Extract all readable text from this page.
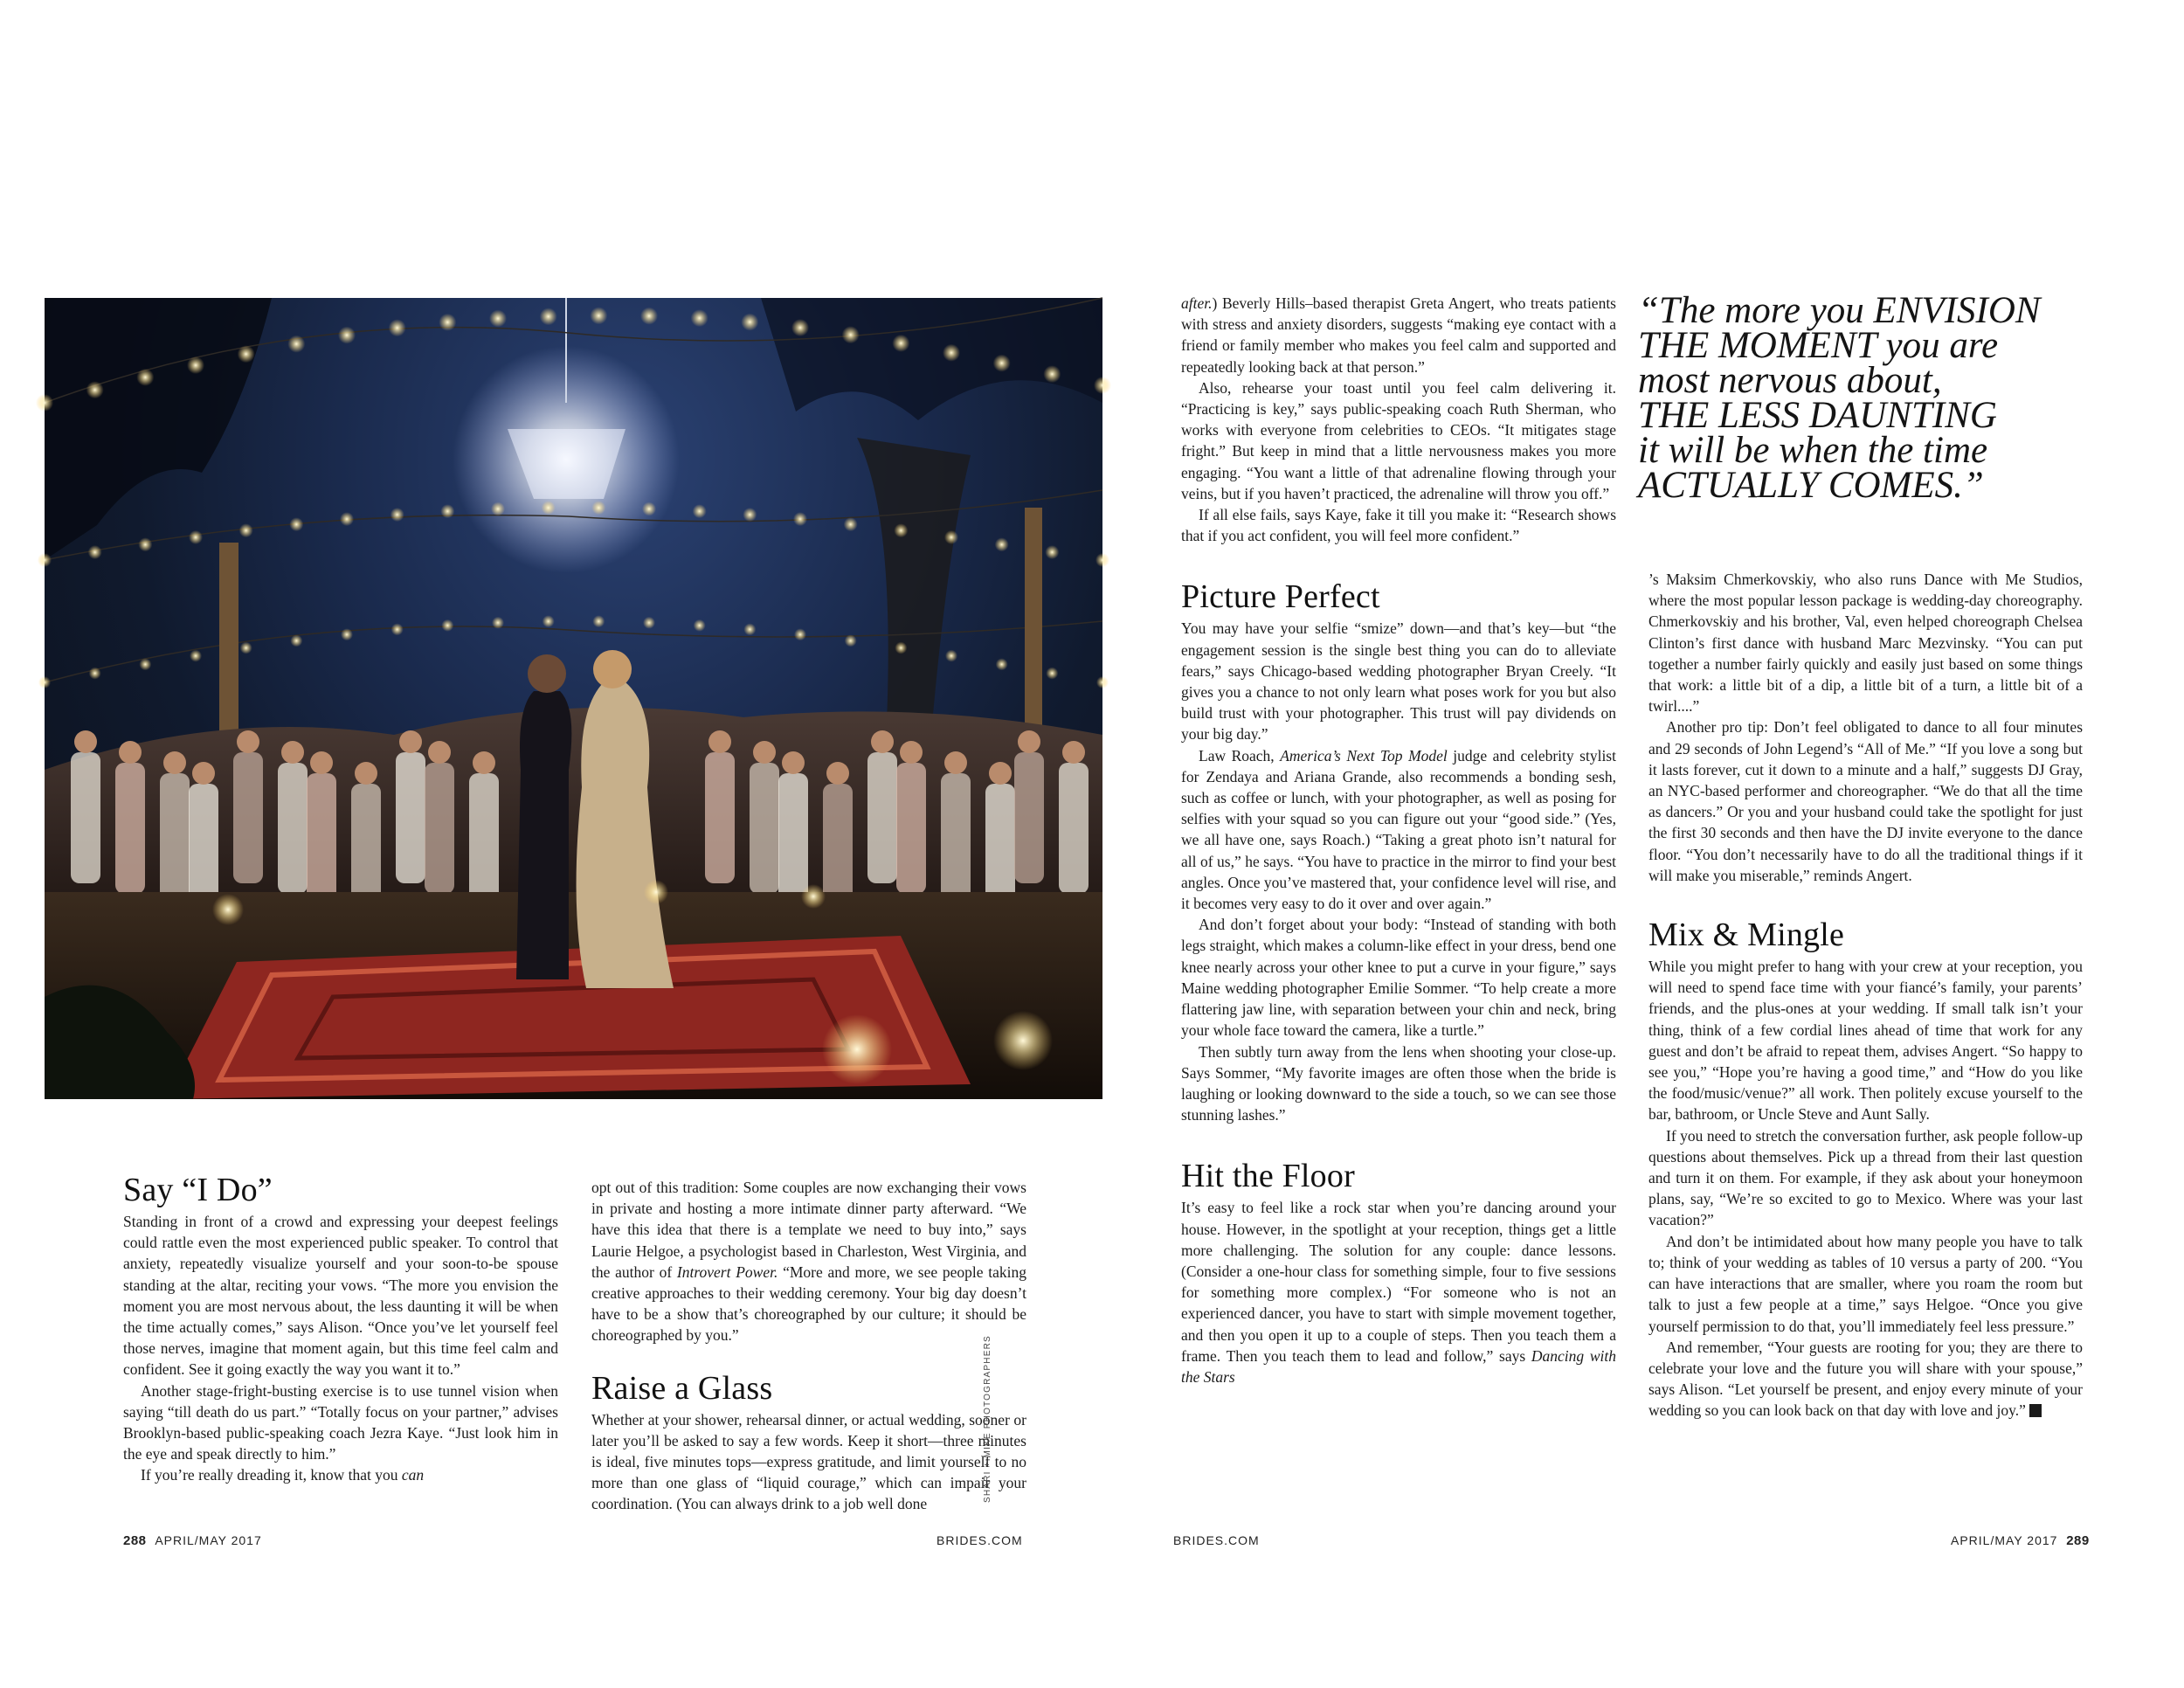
“The more you ENVISION
THE MOMENT you are
most nervous about,
THE LESS DAUNTING
it will be when the time
ACTUALLY COMES.”
Say “I Do”

Standing in front of a crowd and expressing your deepest feelings could rattle even the most experienced public speaker. To control that anxiety, repeatedly visualize yourself and your soon-to-be spouse standing at the altar, reciting your vows. “The more you envision the moment you are most nervous about, the less daunting it will be when the time actually comes,” says Alison. “Once you’ve let yourself feel those nerves, imagine that moment again, but this time feel calm and confident. See it going exactly the way you want it to.”

Another stage-fright-busting exercise is to use tunnel vision when saying “till death do us part.” “Totally focus on your partner,” advises Brooklyn-based public-speaking coach Jezra Kaye. “Just look him in the eye and speak directly to him.”

If you’re really dreading it, know that you can

opt out of this tradition: Some couples are now exchanging their vows in private and hosting a more intimate dinner party afterward. “We have this idea that there is a template we need to buy into,” says Laurie Helgoe, a psychologist based in Charleston, West Virginia, and the author of Introvert Power. “More and more, we see people taking creative approaches to their wedding ceremony. Your big day doesn’t have to be a show that’s choreographed by our culture; it should be choreographed by you.”

Raise a Glass

Whether at your shower, rehearsal dinner, or actual wedding, sooner or later you’ll be asked to say a few words. Keep it short—three minutes is ideal, five minutes tops—express gratitude, and limit yourself to no more than one glass of “liquid courage,” which can impair your coordination. (You can always drink to a job well done

after.) Beverly Hills–based therapist Greta Angert, who treats patients with stress and anxiety disorders, suggests “making eye contact with a friend or family member who makes you feel calm and supported and repeatedly looking back at that person.”

Also, rehearse your toast until you feel calm delivering it. “Practicing is key,” says public-speaking coach Ruth Sherman, who works with everyone from celebrities to CEOs. “It mitigates stage fright.” But keep in mind that a little nervousness makes you more engaging. “You want a little of that adrenaline flowing through your veins, but if you haven’t practiced, the adrenaline will throw you off.”

If all else fails, says Kaye, fake it till you make it: “Research shows that if you act confident, you will feel more confident.”

Picture Perfect

You may have your selfie “smize” down—and that’s key—but “the engagement session is the single best thing you can do to alleviate fears,” says Chicago-based wedding photographer Bryan Creely. “It gives you a chance to not only learn what poses work for you but also build trust with your photographer. This trust will pay dividends on your big day.”

Law Roach, America’s Next Top Model judge and celebrity stylist for Zendaya and Ariana Grande, also recommends a bonding sesh, such as coffee or lunch, with your photographer, as well as posing for selfies with your squad so you can figure out your “good side.” (Yes, we all have one, says Roach.) “Taking a great photo isn’t natural for all of us,” he says. “You have to practice in the mirror to find your best angles. Once you’ve mastered that, your confidence level will rise, and it becomes very easy to do it over and over again.”

And don’t forget about your body: “Instead of standing with both legs straight, which makes a column-like effect in your dress, bend one knee nearly across your other knee to put a curve in your figure,” says Maine wedding photographer Emilie Sommer. “To help create a more flattering jaw line, with separation between your chin and neck, bring your whole face toward the camera, like a turtle.”

Then subtly turn away from the lens when shooting your close-up. Says Sommer, “My favorite images are often those when the bride is laughing or looking downward to the side a touch, so we can see those stunning lashes.”

Hit the Floor

It’s easy to feel like a rock star when you’re dancing around your house. However, in the spotlight at your reception, things get a little more challenging. The solution for any couple: dance lessons. (Consider a one-hour class for something simple, four to five sessions for something more complex.) “For someone who is not an experienced dancer, you have to start with simple movement together, and then you open it up to a couple of steps. Then you teach them a frame. Then you teach them to lead and follow,” says Dancing with the Stars

’s Maksim Chmerkovskiy, who also runs Dance with Me Studios, where the most popular lesson package is wedding-day choreography. Chmerkovskiy and his brother, Val, even helped choreograph Chelsea Clinton’s first dance with husband Marc Mezvinsky. “You can put together a number fairly quickly and easily just based on some things that work: a little bit of a dip, a little bit of a turn, a little bit of a twirl....”

Another pro tip: Don’t feel obligated to dance to all four minutes and 29 seconds of John Legend’s “All of Me.” “If you love a song but it lasts forever, cut it down to a minute and a half,” suggests DJ Gray, an NYC-based performer and choreographer. “We do that all the time as dancers.” Or you and your husband could take the spotlight for just the first 30 seconds and then have the DJ invite everyone to the dance floor. “You don’t necessarily have to do all the traditional things if it will make you miserable,” reminds Angert.

Mix & Mingle

While you might prefer to hang with your crew at your reception, you will need to spend face time with your fiancé’s family, your parents’ friends, and the plus-ones at your wedding. If small talk isn’t your thing, think of a few cordial lines ahead of time that work for any guest and don’t be afraid to repeat them, advises Angert. “So happy to see you,” “Hope you’re having a good time,” and “How do you like the food/music/venue?” all work. Then politely excuse yourself to the bar, bathroom, or Uncle Steve and Aunt Sally.

If you need to stretch the conversation further, ask people follow-up questions about themselves. Pick up a thread from their last question and turn it on them. For example, if they ask about your honeymoon plans, say, “We’re so excited to go to Mexico. Where was your last vacation?”

And don’t be intimidated about how many people you have to talk to; think of your wedding as tables of 10 versus a party of 200. “You can have interactions that are smaller, where you roam the room but talk to just a few people at a time,” says Helgoe. “Once you give yourself permission to do that, you’ll immediately feel less pressure.”

And remember, “Your guests are rooting for you; they are there to celebrate your love and the future you will share with your spouse,” says Alison. “Let yourself be present, and enjoy every minute of your wedding so you can look back on that day with love and joy.”B

SHARI + MIKE PHOTOGRAPHERS
288 APRIL/MAY 2017	BRIDES.COM	BRIDES.COM	APRIL/MAY 2017 289
